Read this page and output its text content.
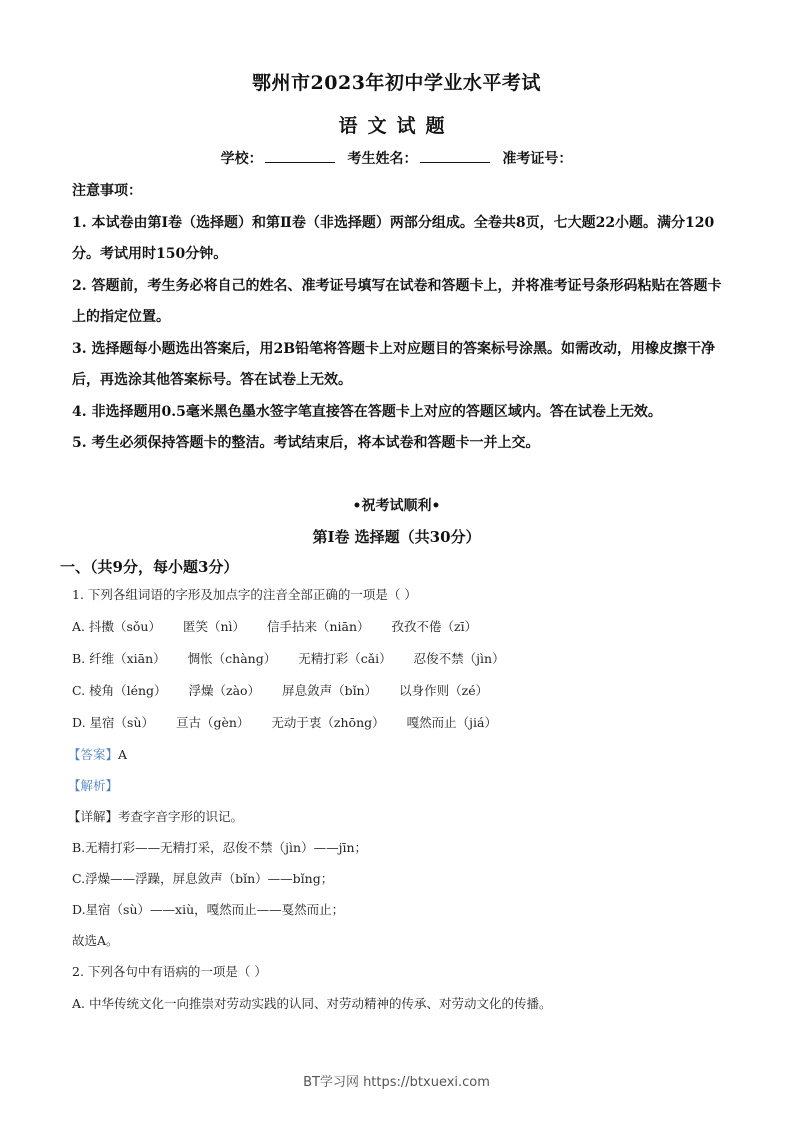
鄂州市2023年初中学业水平考试
语文试题
学校：	考生姓名：	准考证号：

注意事项：

1. 本试卷由第Ⅰ卷（选择题）和第Ⅱ卷（非选择题）两部分组成。全卷共8页，七大题22小题。满分120分。考试用时150分钟。

2. 答题前，考生务必将自己的姓名、准考证号填写在试卷和答题卡上，并将准考证号条形码粘贴在答题卡上的指定位置。

3. 选择题每小题选出答案后，用2B铅笔将答题卡上对应题目的答案标号涂黑。如需改动，用橡皮擦干净后，再选涂其他答案标号。答在试卷上无效。

4. 非选择题用0.5毫米黑色墨水签字笔直接答在答题卡上对应的答题区域内。答在试卷上无效。

5. 考生必须保持答题卡的整洁。考试结束后，将本试卷和答题卡一并上交。

•祝考试顺利•
第Ⅰ卷 选择题（共30分）
一、（共9分，每小题3分）
1. 下列各组词语的字形及加点字的注音全部正确的一项是（ ）
A. 抖擞（sǒu） 匿笑（nì） 信手拈来（niān） 孜孜不倦（zī）
B. 纤维（xiān） 惆怅（chàng） 无精打彩（cǎi） 忍俊不禁（jìn）
C. 棱角（léng） 浮燥（zào） 屏息敛声（bǐn） 以身作则（zé）
D. 星宿（sù） 亘古（gèn） 无动于衷（zhōng） 嘎然而止（jiá）
【答案】A
【解析】
【详解】考查字音字形的识记。
B.无精打彩——无精打采，忍俊不禁（jìn）——jīn；
C.浮燥——浮躁，屏息敛声（bǐn）——bǐng；
D.星宿（sù）——xiù，嘎然而止——戛然而止；
故选A。
2. 下列各句中有语病的一项是（ ）
A. 中华传统文化一向推崇对劳动实践的认同、对劳动精神的传承、对劳动文化的传播。
BT学习网 https://btxuexi.com
